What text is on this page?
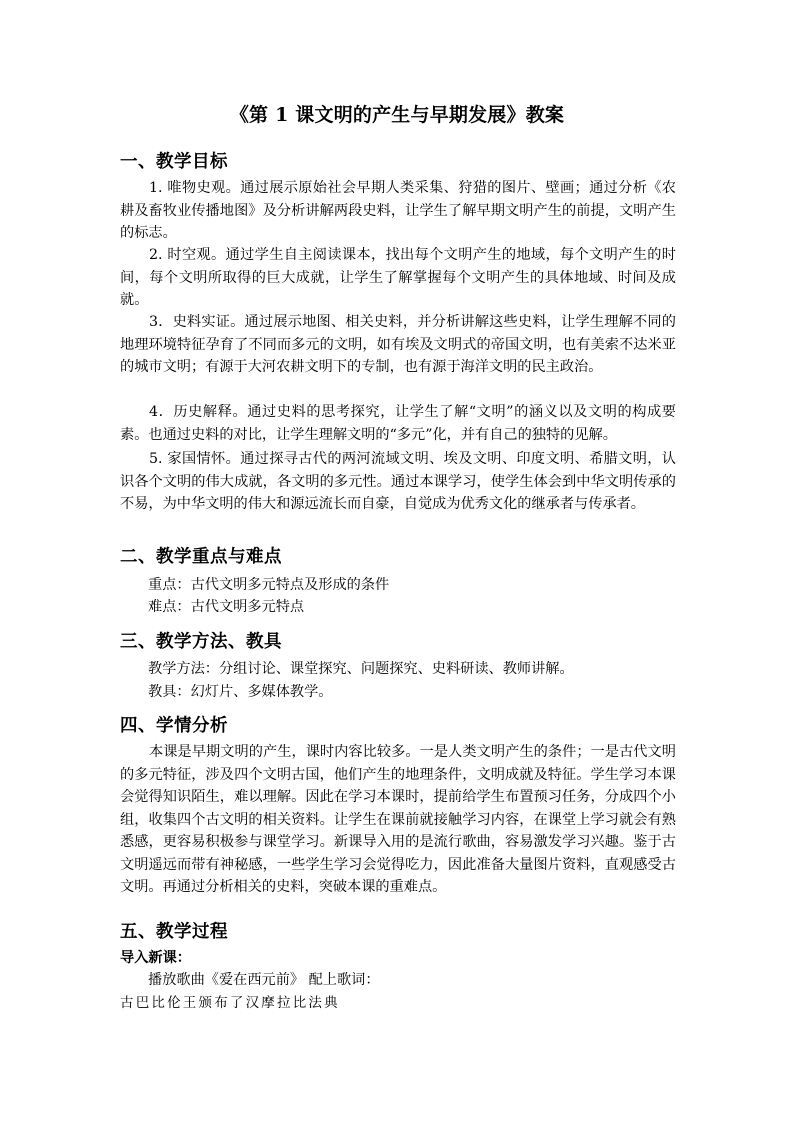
《第 1 课文明的产生与早期发展》教案
一、教学目标

1. 唯物史观。通过展示原始社会早期人类采集、狩猎的图片、壁画；通过分析《农耕及畜牧业传播地图》及分析讲解两段史料，让学生了解早期文明产生的前提，文明产生的标志。

2. 时空观。通过学生自主阅读课本，找出每个文明产生的地域，每个文明产生的时间，每个文明所取得的巨大成就，让学生了解掌握每个文明产生的具体地域、时间及成就。

3．史料实证。通过展示地图、相关史料，并分析讲解这些史料，让学生理解不同的地理环境特征孕育了不同而多元的文明，如有埃及文明式的帝国文明，也有美索不达米亚的城市文明；有源于大河农耕文明下的专制，也有源于海洋文明的民主政治。

4．历史解释。通过史料的思考探究，让学生了解“文明”的涵义以及文明的构成要素。也通过史料的对比，让学生理解文明的“多元”化，并有自己的独特的见解。

5. 家国情怀。通过探寻古代的两河流域文明、埃及文明、印度文明、希腊文明，认识各个文明的伟大成就，各文明的多元性。通过本课学习，使学生体会到中华文明传承的不易，为中华文明的伟大和源远流长而自豪，自觉成为优秀文化的继承者与传承者。

二、教学重点与难点
重点：古代文明多元特点及形成的条件
难点：古代文明多元特点
三、教学方法、教具
教学方法：分组讨论、课堂探究、问题探究、史料研读、教师讲解。
教具：幻灯片、多媒体教学。
四、学情分析

本课是早期文明的产生，课时内容比较多。一是人类文明产生的条件；一是古代文明的多元特征，涉及四个文明古国，他们产生的地理条件，文明成就及特征。学生学习本课会觉得知识陌生，难以理解。因此在学习本课时，提前给学生布置预习任务，分成四个小组，收集四个古文明的相关资料。让学生在课前就接触学习内容，在课堂上学习就会有熟悉感，更容易积极参与课堂学习。新课导入用的是流行歌曲，容易激发学习兴趣。鉴于古文明遥远而带有神秘感，一些学生学习会觉得吃力，因此准备大量图片资料，直观感受古文明。再通过分析相关的史料，突破本课的重难点。

五、教学过程
导入新课：
播放歌曲《爱在西元前》 配上歌词：
古巴比伦王颁布了汉摩拉比法典
